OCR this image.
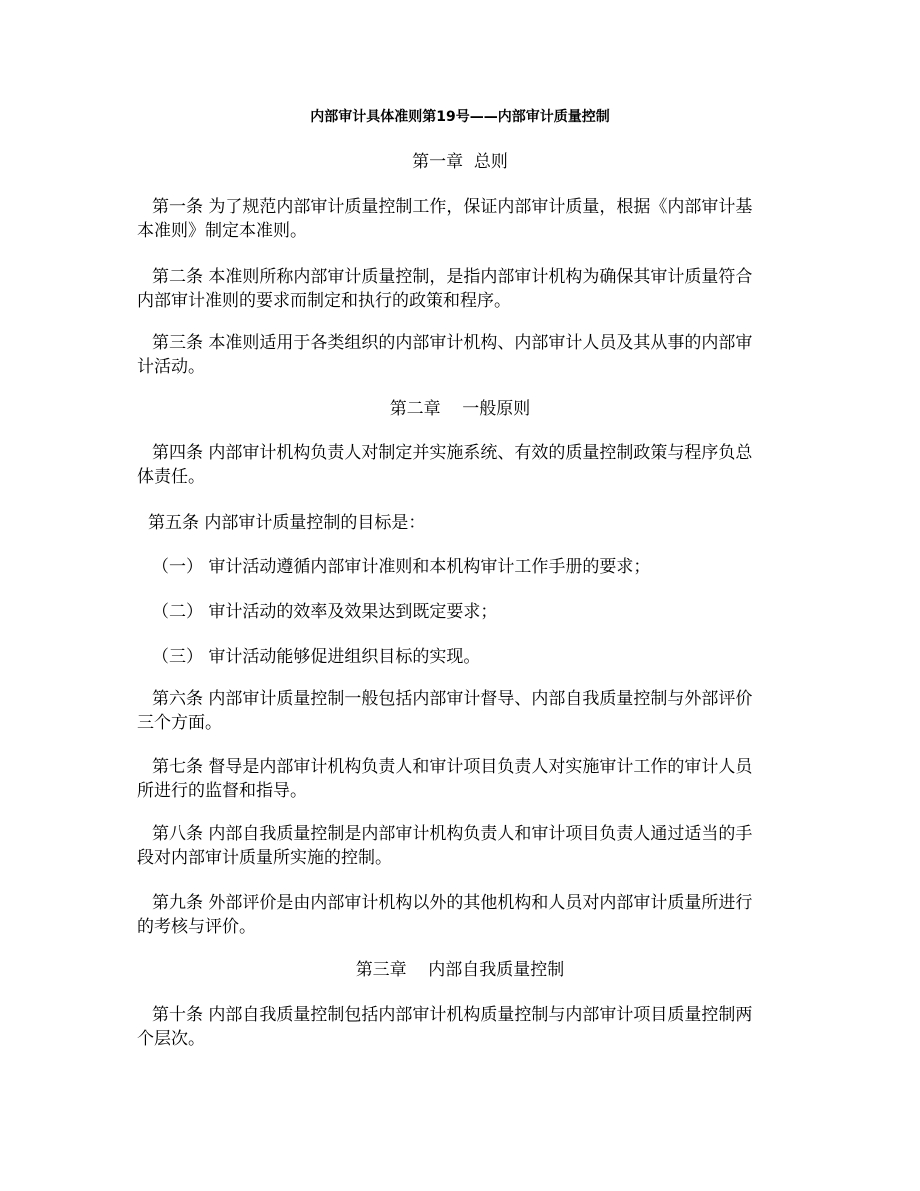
内部审计具体准则第19号——内部审计质量控制
第一章  总则
第一条 为了规范内部审计质量控制工作，保证内部审计质量，根据《内部审计基
本准则》制定本准则。
第二条 本准则所称内部审计质量控制，是指内部审计机构为确保其审计质量符合
内部审计准则的要求而制定和执行的政策和程序。
第三条 本准则适用于各类组织的内部审计机构、内部审计人员及其从事的内部审
计活动。
第二章    一般原则
第四条 内部审计机构负责人对制定并实施系统、有效的质量控制政策与程序负总
体责任。
第五条 内部审计质量控制的目标是：
（一） 审计活动遵循内部审计准则和本机构审计工作手册的要求；
（二） 审计活动的效率及效果达到既定要求；
（三） 审计活动能够促进组织目标的实现。
第六条 内部审计质量控制一般包括内部审计督导、内部自我质量控制与外部评价
三个方面。
第七条 督导是内部审计机构负责人和审计项目负责人对实施审计工作的审计人员
所进行的监督和指导。
第八条 内部自我质量控制是内部审计机构负责人和审计项目负责人通过适当的手
段对内部审计质量所实施的控制。
第九条 外部评价是由内部审计机构以外的其他机构和人员对内部审计质量所进行
的考核与评价。
第三章    内部自我质量控制
第十条 内部自我质量控制包括内部审计机构质量控制与内部审计项目质量控制两
个层次。
